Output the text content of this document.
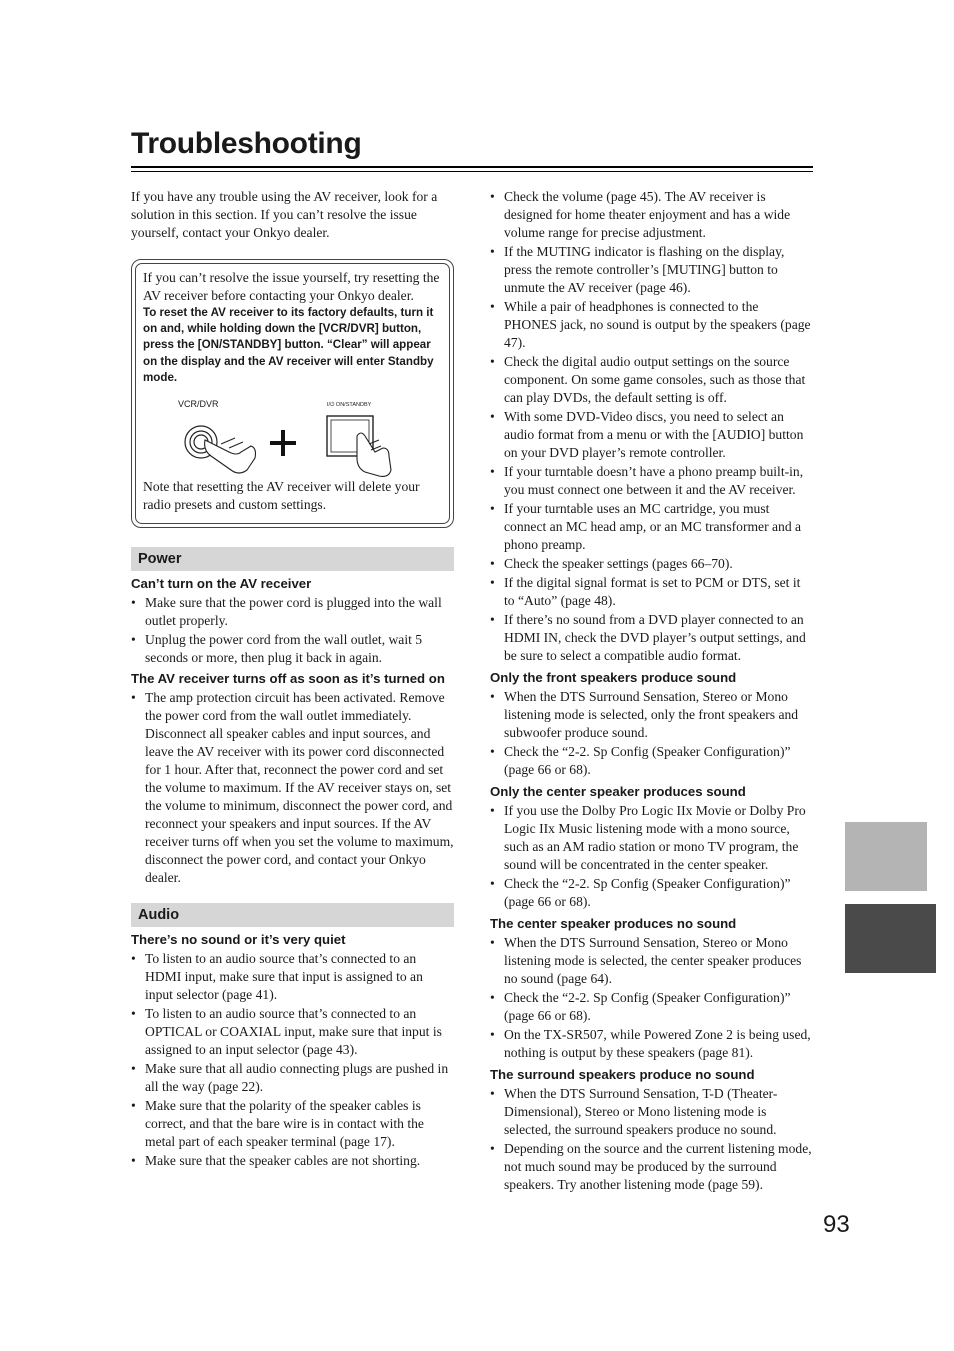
Troubleshooting

If you have any trouble using the AV receiver, look for a solution in this section. If you can’t resolve the issue yourself, contact your Onkyo dealer.

If you can’t resolve the issue yourself, try resetting the AV receiver before contacting your Onkyo dealer.

To reset the AV receiver to its factory defaults, turn it on and, while holding down the [VCR/DVR] button, press the [ON/STANDBY] button. “Clear” will appear on the display and the AV receiver will enter Standby mode.

VCR/DVR	I/⏻ ON/STANDBY

Note that resetting the AV receiver will delete your radio presets and custom settings.

Power
Can’t turn on the AV receiver
• Make sure that the power cord is plugged into the wall outlet properly.
• Unplug the power cord from the wall outlet, wait 5 seconds or more, then plug it back in again.
The AV receiver turns off as soon as it’s turned on
• The amp protection circuit has been activated. Remove the power cord from the wall outlet immediately. Disconnect all speaker cables and input sources, and leave the AV receiver with its power cord disconnected for 1 hour. After that, reconnect the power cord and set the volume to maximum. If the AV receiver stays on, set the volume to minimum, disconnect the power cord, and reconnect your speakers and input sources. If the AV receiver turns off when you set the volume to maximum, disconnect the power cord, and contact your Onkyo dealer.
Audio
There’s no sound or it’s very quiet
• To listen to an audio source that’s connected to an HDMI input, make sure that input is assigned to an input selector (page 41).
• To listen to an audio source that’s connected to an OPTICAL or COAXIAL input, make sure that input is assigned to an input selector (page 43).
• Make sure that all audio connecting plugs are pushed in all the way (page 22).
• Make sure that the polarity of the speaker cables is correct, and that the bare wire is in contact with the metal part of each speaker terminal (page 17).
• Make sure that the speaker cables are not shorting.
• Check the volume (page 45). The AV receiver is designed for home theater enjoyment and has a wide volume range for precise adjustment.
• If the MUTING indicator is flashing on the display, press the remote controller’s [MUTING] button to unmute the AV receiver (page 46).
• While a pair of headphones is connected to the PHONES jack, no sound is output by the speakers (page 47).
• Check the digital audio output settings on the source component. On some game consoles, such as those that can play DVDs, the default setting is off.
• With some DVD-Video discs, you need to select an audio format from a menu or with the [AUDIO] button on your DVD player’s remote controller.
• If your turntable doesn’t have a phono preamp built-in, you must connect one between it and the AV receiver.
• If your turntable uses an MC cartridge, you must connect an MC head amp, or an MC transformer and a phono preamp.
• Check the speaker settings (pages 66–70).
• If the digital signal format is set to PCM or DTS, set it to “Auto” (page 48).
• If there’s no sound from a DVD player connected to an HDMI IN, check the DVD player’s output settings, and be sure to select a compatible audio format.
Only the front speakers produce sound
• When the DTS Surround Sensation, Stereo or Mono listening mode is selected, only the front speakers and subwoofer produce sound.
• Check the “2-2. Sp Config (Speaker Configuration)” (page 66 or 68).
Only the center speaker produces sound
• If you use the Dolby Pro Logic IIx Movie or Dolby Pro Logic IIx Music listening mode with a mono source, such as an AM radio station or mono TV program, the sound will be concentrated in the center speaker.
• Check the “2-2. Sp Config (Speaker Configuration)” (page 66 or 68).
The center speaker produces no sound
• When the DTS Surround Sensation, Stereo or Mono listening mode is selected, the center speaker produces no sound (page 64).
• Check the “2-2. Sp Config (Speaker Configuration)” (page 66 or 68).
• On the TX-SR507, while Powered Zone 2 is being used, nothing is output by these speakers (page 81).
The surround speakers produce no sound
• When the DTS Surround Sensation, T-D (Theater-Dimensional), Stereo or Mono listening mode is selected, the surround speakers produce no sound.
• Depending on the source and the current listening mode, not much sound may be produced by the surround speakers. Try another listening mode (page 59).
93
